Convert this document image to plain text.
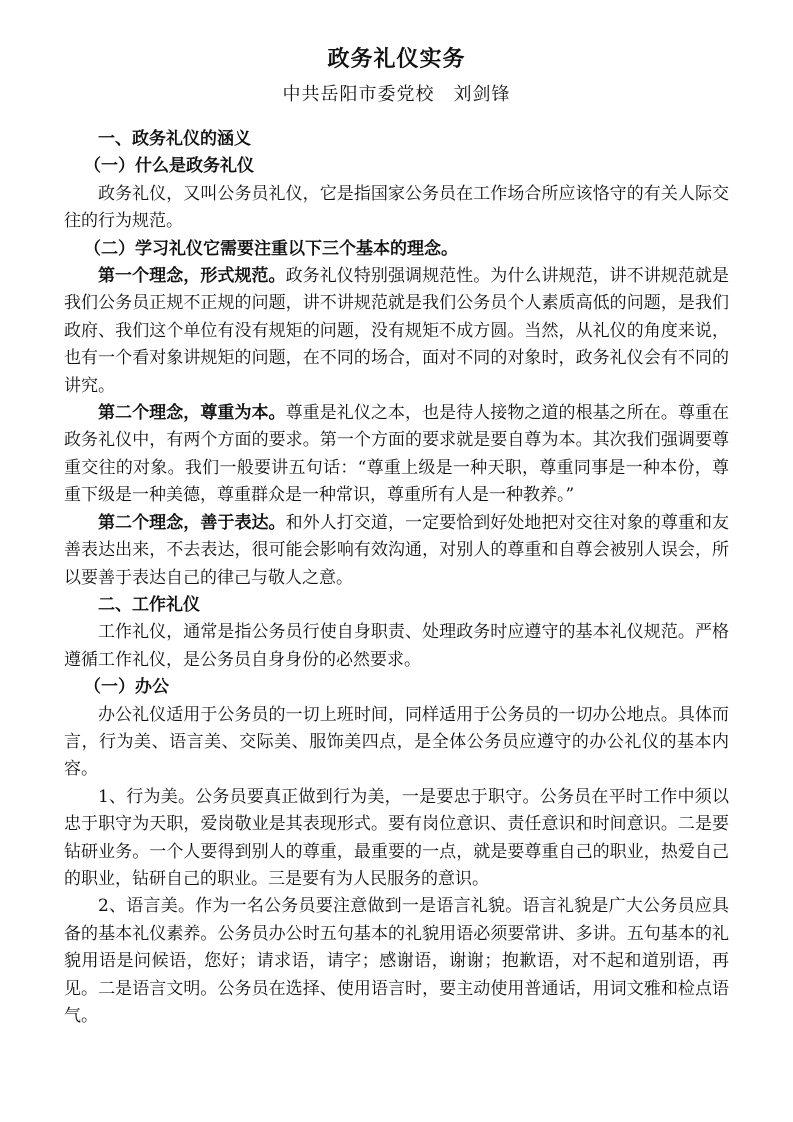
政务礼仪实务
中共岳阳市委党校　刘剑锋

一、政务礼仪的涵义

（一）什么是政务礼仪

政务礼仪，又叫公务员礼仪，它是指国家公务员在工作场合所应该恪守的有关人际交往的行为规范。

（二）学习礼仪它需要注重以下三个基本的理念。

第一个理念，形式规范。政务礼仪特别强调规范性。为什么讲规范，讲不讲规范就是我们公务员正规不正规的问题，讲不讲规范就是我们公务员个人素质高低的问题，是我们政府、我们这个单位有没有规矩的问题，没有规矩不成方圆。当然，从礼仪的角度来说，也有一个看对象讲规矩的问题，在不同的场合，面对不同的对象时，政务礼仪会有不同的讲究。

第二个理念，尊重为本。尊重是礼仪之本，也是待人接物之道的根基之所在。尊重在政务礼仪中，有两个方面的要求。第一个方面的要求就是要自尊为本。其次我们强调要尊重交往的对象。我们一般要讲五句话：“尊重上级是一种天职，尊重同事是一种本份，尊重下级是一种美德，尊重群众是一种常识，尊重所有人是一种教养。”

第二个理念，善于表达。和外人打交道，一定要恰到好处地把对交往对象的尊重和友善表达出来，不去表达，很可能会影响有效沟通，对别人的尊重和自尊会被别人误会，所以要善于表达自己的律己与敬人之意。

二、工作礼仪

工作礼仪，通常是指公务员行使自身职责、处理政务时应遵守的基本礼仪规范。严格遵循工作礼仪，是公务员自身身份的必然要求。

（一）办公

办公礼仪适用于公务员的一切上班时间，同样适用于公务员的一切办公地点。具体而言，行为美、语言美、交际美、服饰美四点，是全体公务员应遵守的办公礼仪的基本内容。

1、行为美。公务员要真正做到行为美，一是要忠于职守。公务员在平时工作中须以忠于职守为天职，爱岗敬业是其表现形式。要有岗位意识、责任意识和时间意识。二是要钻研业务。一个人要得到别人的尊重，最重要的一点，就是要尊重自己的职业，热爱自己的职业，钻研自己的职业。三是要有为人民服务的意识。

2、语言美。作为一名公务员要注意做到一是语言礼貌。语言礼貌是广大公务员应具备的基本礼仪素养。公务员办公时五句基本的礼貌用语必须要常讲、多讲。五句基本的礼貌用语是问候语，您好；请求语，请字；感谢语，谢谢；抱歉语，对不起和道别语，再见。二是语言文明。公务员在选择、使用语言时，要主动使用普通话，用词文雅和检点语气。
